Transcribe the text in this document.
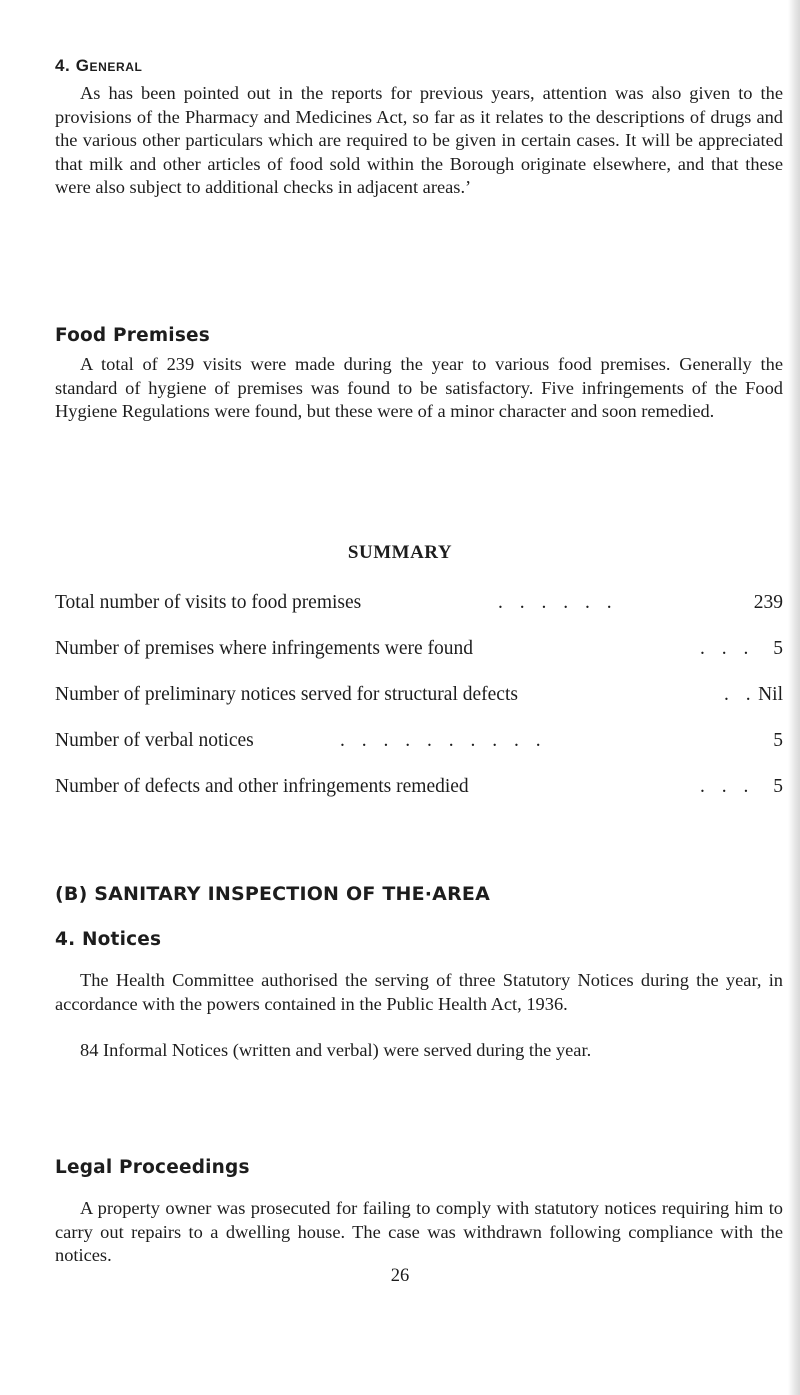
4. General

As has been pointed out in the reports for previous years, attention was also given to the provisions of the Pharmacy and Medicines Act, so far as it relates to the descriptions of drugs and the various other particulars which are required to be given in certain cases. It will be appreciated that milk and other articles of food sold within the Borough originate elsewhere, and that these were also subject to additional checks in adjacent areas.’

Food Premises

A total of 239 visits were made during the year to various food premises. Generally the standard of hygiene of premises was found to be satisfactory. Five infringements of the Food Hygiene Regulations were found, but these were of a minor character and soon remedied.

SUMMARY
Total number of visits to food premises	. . . . . .	239
Number of premises where infringements were found	. . . 5
Number of preliminary notices served for structural defects	. . Nil
Number of verbal notices	. . . . . . . . . .	5
Number of defects and other infringements remedied	. . . 5
(B) SANITARY INSPECTION OF THE·AREA
4. Notices

The Health Committee authorised the serving of three Statutory Notices during the year, in accordance with the powers contained in the Public Health Act, 1936.

84 Informal Notices (written and verbal) were served during the year.

Legal Proceedings

A property owner was prosecuted for failing to comply with statutory notices requiring him to carry out repairs to a dwelling house. The case was withdrawn following compliance with the notices.

26
